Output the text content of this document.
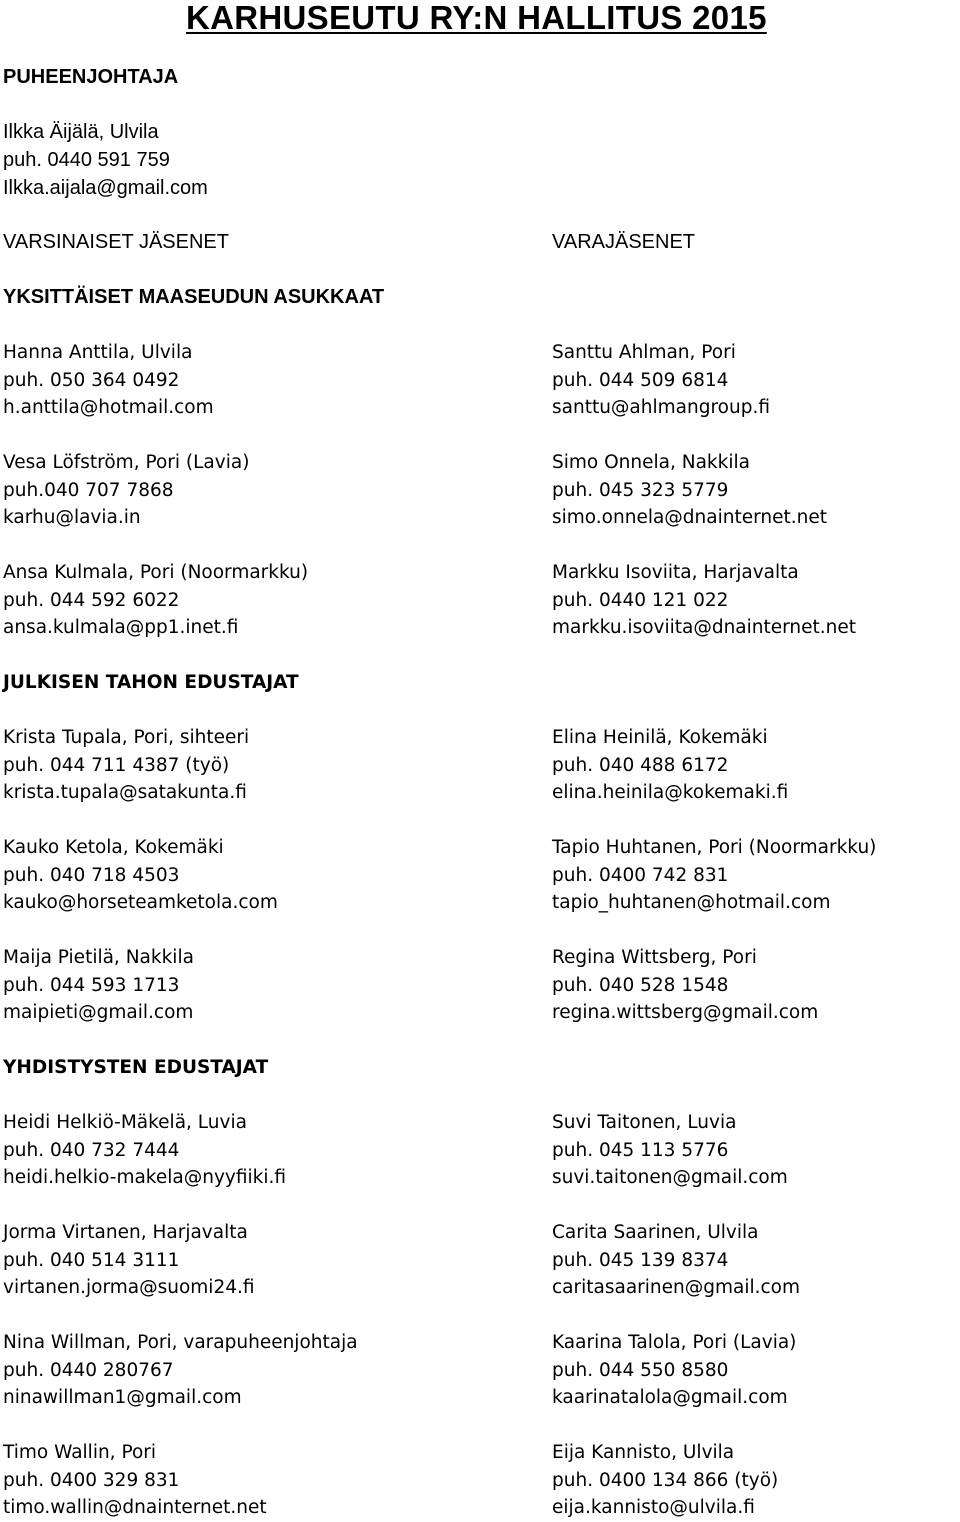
KARHUSEUTU RY:N HALLITUS 2015
PUHEENJOHTAJA
Ilkka Äijälä, Ulvila
puh. 0440 591 759
Ilkka.aijala@gmail.com
VARSINAISET JÄSENET	VARAJÄSENET
YKSITTÄISET MAASEUDUN ASUKKAAT
Hanna Anttila, Ulvila
puh. 050 364 0492
h.anttila@hotmail.com
Santtu Ahlman, Pori
puh. 044 509 6814
santtu@ahlmangroup.fi
Vesa Löfström, Pori (Lavia)
puh.040 707 7868
karhu@lavia.in
Simo Onnela, Nakkila
puh. 045 323 5779
simo.onnela@dnainternet.net
Ansa Kulmala, Pori (Noormarkku)
puh. 044 592 6022
ansa.kulmala@pp1.inet.fi
Markku Isoviita, Harjavalta
puh. 0440 121 022
markku.isoviita@dnainternet.net
JULKISEN TAHON EDUSTAJAT
Krista Tupala, Pori, sihteeri
puh. 044 711 4387 (työ)
krista.tupala@satakunta.fi
Elina Heinilä, Kokemäki
puh. 040 488 6172
elina.heinila@kokemaki.fi
Kauko Ketola, Kokemäki
puh. 040 718 4503
kauko@horseteamketola.com
Tapio Huhtanen, Pori (Noormarkku)
puh. 0400 742 831
tapio_huhtanen@hotmail.com
Maija Pietilä, Nakkila
puh. 044 593 1713
maipieti@gmail.com
Regina Wittsberg, Pori
puh. 040 528 1548
regina.wittsberg@gmail.com
YHDISTYSTEN EDUSTAJAT
Heidi Helkiö-Mäkelä, Luvia
puh. 040 732 7444
heidi.helkio-makela@nyyfiiki.fi
Suvi Taitonen, Luvia
puh. 045 113 5776
suvi.taitonen@gmail.com
Jorma Virtanen, Harjavalta
puh. 040 514 3111
virtanen.jorma@suomi24.fi
Carita Saarinen, Ulvila
puh. 045 139 8374
caritasaarinen@gmail.com
Nina Willman, Pori, varapuheenjohtaja
puh. 0440 280767
ninawillman1@gmail.com
Kaarina Talola, Pori (Lavia)
puh. 044 550 8580
kaarinatalola@gmail.com
Timo Wallin, Pori
puh. 0400 329 831
timo.wallin@dnainternet.net
Eija Kannisto, Ulvila
puh. 0400 134 866 (työ)
eija.kannisto@ulvila.fi
